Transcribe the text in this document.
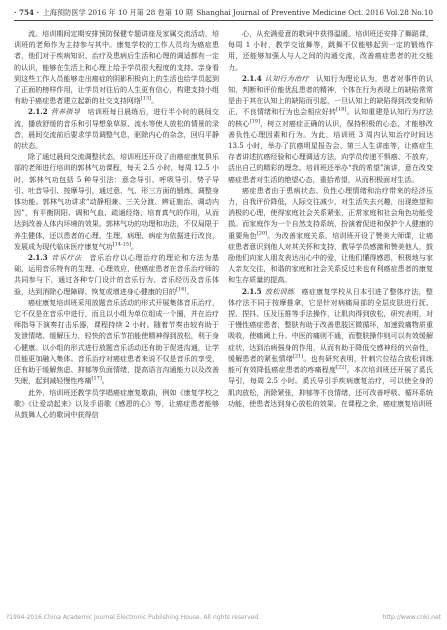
· 754 · 上海预防医学 2016 年 10 月第 28 卷第 10 期 Shanghai Journal of Preventive Medicine Oct. 2016 Vol.28 No.10

流。培训期间定期安排预防保健专题讲座及家属交流活动，培训班的老师作为主持参与其中。康复学校的工作人员均为癌症患者，他们对于疾病知识、治疗及患病后生活和心理的调适都有一定的认识，能够在生活上和心理上给予学员很大程度的支持。亲身看到这些工作人员能够走出癌症的阴影积极向上的生活也给学员起到了正面的榜样作用，让学员对往后的人生更有信心，构建支持小组有助于癌症患者建立起新的社交支持网络[13]。

2.1.2 营养指导　 培训班每日晨练后，进行半小时的晨间交流，播放舒缓的音乐和引导想象草原、流水等使人放松的情景的录音，晨间交流前后要求学员调整气息，驱除内心的杂念，回归平静的状态。

除了通过晨间交流调整状态，培训班还开设了由癌症康复俱乐部的老师进行培训的郭林气功课程，每天 2.5 小时，每周 12.5 小时，郭林气功包括 5 种导引法：意念导引、呼吸导引、势子导引、吐音导引、按摩导引，通过意、气、形三方面的锻炼，调整身体功能。郭林气功讲求“动静相兼、三关分渡、辨证施治、调动内因”，有平衡阴阳、调和气血、疏通经络、培育真气的作用，从而达到改善人体内环境的效果。郭林气功的功理和功法，不仅局限于养生健体，还以患者的心理、生理、病理、病症为依据进行改良，发展成为现代临床医疗康复气功[14-15]。

2.1.3 音乐疗法　 音乐治疗以心理治疗的理论和方法为基础，运用音乐特有的生理、心理效应，使癌症患者在音乐治疗师的共同参与下，通过各种专门设计的音乐行为、音乐经历及音乐体验，达到消除心理障碍、恢复或增进身心健康的目的[16]。

癌症康复培训班采用放题音乐活动的形式开展集体音乐治疗，它不仅是在音乐中进行，而且以小组为单位组成一个圈，并在治疗师指导下演奏打击乐器，课程持续 2 小时。随着节奏由较有助于发泄情绪、缓解压力，轻快的音乐节拍能使精神得到放松，利于身心健康。以小组的形式进行放题音乐活动还有助于促进沟通，让学员能更加融入集体。音乐治疗对癌症患者来说不仅是音乐的享受，还有助于缓解焦虑、抑郁等负面情绪，提高语言沟通能力以及改善失眠，起到减轻慢性疼痛[17]。

此外，培训班还教学员学唱癌症康复歌曲，例如《康复学校之歌》《让爱动起来》以及手语歌《感恩的心》等，让癌症患者能够从鼓舞人心的歌词中获得信

心，从充满爱意的歌词中获得温暖。培训班还安排了舞蹈课，每周 1 小时，教学交谊舞等，跳舞不仅能够起到一定的锻炼作用，还能够加强人与人之间的沟通交流，改善癌症患者的社交能力。

2.1.4 认知行为治疗　 认知行为理论认为，患者对事件的认知，判断和评价能优乱患者的精神，个体在行为表现上的缺陷常常是由于其在认知上的缺陷而引起，一旦认知上的缺陷得到改变和矫正，不良情绪和行为也会相应好转[18]。认知重建是认知行为疗法的核心[19]，树立对癌症正确的认识，保持积极的心态，才能够改善负性心理因素和行为。为此，培训班 3 周内认知治疗时间达 13.5 小时，举办了抗癌明星报告会、第三人生讲座等，让癌症生存者讲述抗癌经验和心理调适方法，向学员传递不惧癌、不放弃，活出自己的精彩的理念。培训班还举办“我的希望”演讲，意在改变癌症患者对生活的绝望心态，重拾希望，从而积极面对生活。

癌症患者由于患病状态、负性心理情绪和治疗带来的经济压力，自我评价降低，人际交往减少，对生活失去兴趣，出现绝望和消极的心理，使得家庭社会关系紧张，正常家庭和社会角色功能受损。而家庭作为一个自然支持系统，扮演着促进和保护个人健康的重要角色[20]。为改善家庭关系，培训班开设了赞美大师课，让癌症患者意识到他人对其关怀和支持，教导学员感激和赞美他人，鼓励他们向家人朋友表达出心中的爱，让他们懂得感恩，积极地与家人亲友交往，和谐的家庭和社会关系反过来也有利癌症患者的康复和生存质量的提高。

2.1.5 放松训练　 癌症康复学校从日本引进了整体疗法，整体疗法不同于按摩推拿，它是针对病痛局部的全层皮肤进行抚、捏、捏抖、压及压推等手法操作，让肌肉得到放松，研究表明，对于慢性癌症患者，整肤有助于改善患肢区微循环，加速致痛物质重吸收，使痛阈上升。中医的痛则不通，而整肤操作则可以有效缓解症状，达到治病强身的作用，从而有助于降低交感神经的兴奋性，缓解患者的紧张情绪[21]。也有研究表明，针刺穴位结合放松训练能可有效降低癌症患者的疼痛程度[22]。本次培训班还开展了奚氏导引，每周 2.5 小时。奚氏导引手疾病康复治疗，可以使全身的肌肉放松，消除紧张，抑郁等不良情绪，还可改善呼吸、循环系统功能，使患者达到身心放松的效果。在课程之余，癌症康复培训班

?1994-2016 China Academic Journal Electronic Publishing House. All rights reserved.	http://www.cnki.net
